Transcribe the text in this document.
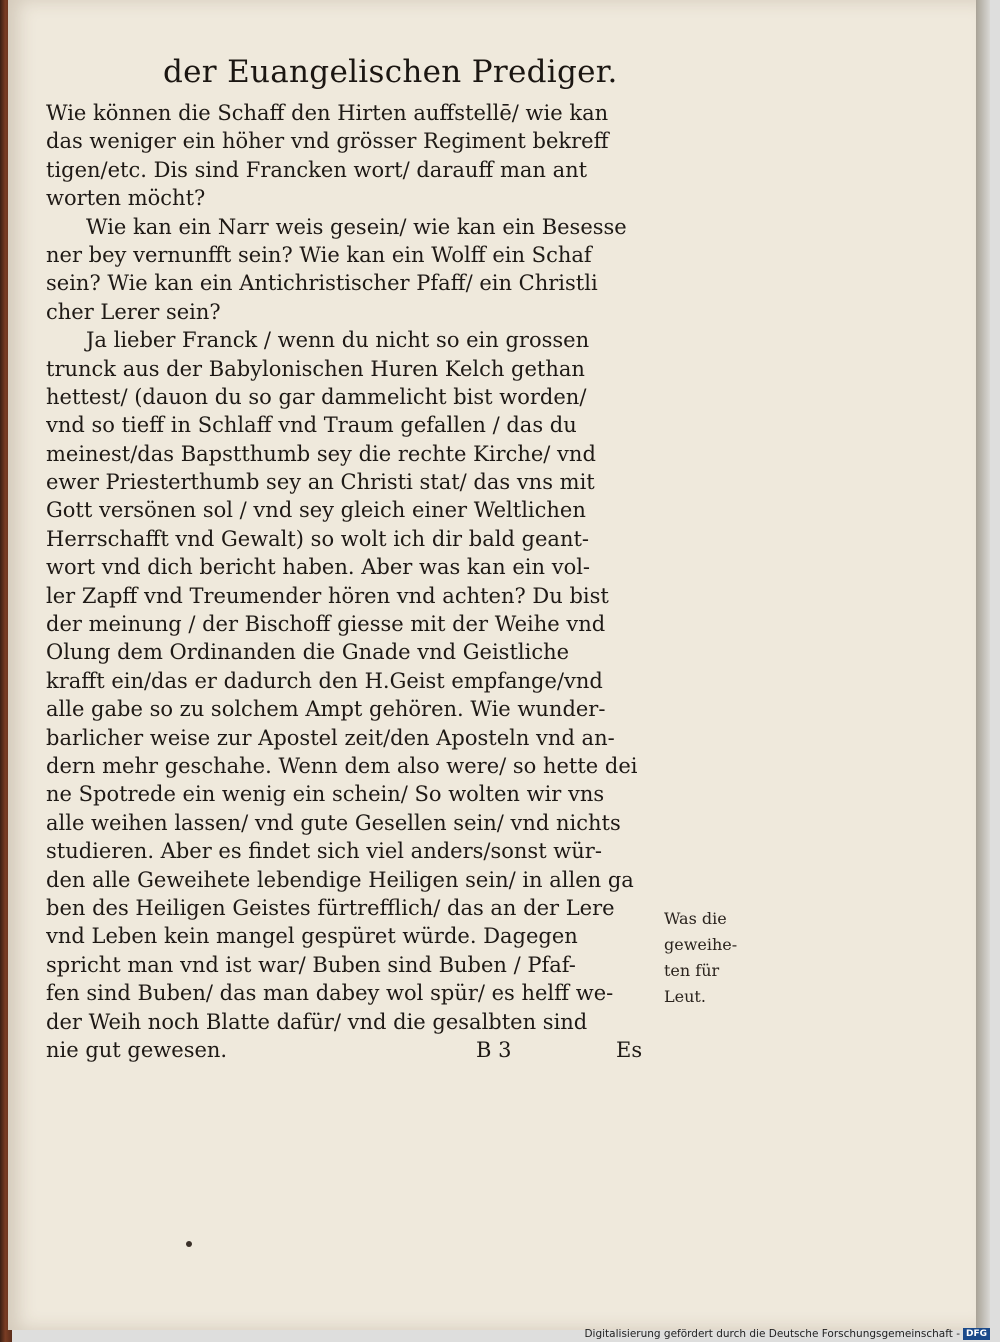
der Euangelischen Prediger.
Wie können die Schaff den Hirten auffstellē/ wie kan
das weniger ein höher vnd grösser Regiment bekreff
tigen/etc. Dis sind Francken wort/ darauff man ant
worten möcht?
Wie kan ein Narr weis gesein/ wie kan ein Besesse
ner bey vernunfft sein? Wie kan ein Wolff ein Schaf
sein? Wie kan ein Antichristischer Pfaff/ ein Christli
cher Lerer sein?
Ja lieber Franck / wenn du nicht so ein grossen
trunck aus der Babylonischen Huren Kelch gethan
hettest/ (dauon du so gar dammelicht bist worden/
vnd so tieff in Schlaff vnd Traum gefallen / das du
meinest/das Bapstthumb sey die rechte Kirche/ vnd
ewer Priesterthumb sey an Christi stat/ das vns mit
Gott versönen sol / vnd sey gleich einer Weltlichen
Herrschafft vnd Gewalt) so wolt ich dir bald geant-
wort vnd dich bericht haben. Aber was kan ein vol-
ler Zapff vnd Treumender hören vnd achten? Du bist
der meinung / der Bischoff giesse mit der Weihe vnd
Olung dem Ordinanden die Gnade vnd Geistliche
krafft ein/das er dadurch den H.Geist empfange/vnd
alle gabe so zu solchem Ampt gehören. Wie wunder-
barlicher weise zur Apostel zeit/den Aposteln vnd an-
dern mehr geschahe. Wenn dem also were/ so hette dei
ne Spotrede ein wenig ein schein/ So wolten wir vns
alle weihen lassen/ vnd gute Gesellen sein/ vnd nichts
studieren. Aber es findet sich viel anders/sonst wür-
den alle Geweihete lebendige Heiligen sein/ in allen ga
ben des Heiligen Geistes fürtrefflich/ das an der Lere
vnd Leben kein mangel gespüret würde. Dagegen
spricht man vnd ist war/ Buben sind Buben / Pfaf-
fen sind Buben/ das man dabey wol spür/ es helff we-
der Weih noch Blatte dafür/ vnd die gesalbten sind
nie gut gewesen.	B 3	Es
Was die
geweihe-
ten für
Leut.
Digitalisierung gefördert durch die Deutsche Forschungsgemeinschaft - DFG
